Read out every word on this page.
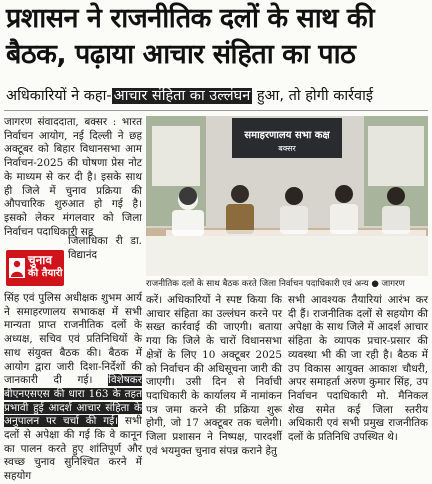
प्रशासन ने राजनीतिक दलों के साथ की
बैठक, पढ़ाया आचार संहिता का पाठ
अधिकारियों ने कहा- आचार संहिता का उल्लंघन हुआ, तो होगी कार्रवाई
जागरण संवाददाता, बक्सर : भारत निर्वाचन आयोग, नई दिल्ली ने छह अक्टूबर को बिहार विधानसभा आम निर्वाचन-2025 की घोषणा प्रेस नोट के माध्यम से कर दी है। इसके साथ ही जिले में चुनाव प्रक्रिया की औपचारिक शुरुआत हो गई है। इसको लेकर मंगलवार को जिला निर्वाचन पदाधिकारी सह
चुनाव
की तैयारी
जिलाधिका री डा. विद्यानंद
सिंह एवं पुलिस अधीक्षक शुभम आर्य ने समाहरणालय सभाकक्ष में सभी मान्यता प्राप्त राजनीतिक दलों के अध्यक्ष, सचिव एवं प्रतिनिधियों के साथ संयुक्त बैठक की। बैठक में आयोग द्वारा जारी दिशा-निर्देशों की जानकारी दी गई। विशेषकर बीएनएसएस की धारा 163 के तहत प्रभावी हुई आदर्श आचार संहिता के अनुपालन पर चर्चा की गई। सभी दलों से अपेक्षा की गई कि वे कानून का पालन करते हुए शांतिपूर्ण और स्वच्छ चुनाव सुनिश्चित करने में सहयोग
समाहरणालय सभा कक्ष
बक्सर
राजनीतिक दलों के साथ बैठक करते जिला निर्वाचन पदाधिकारी एवं अन्य ● जागरण
करें। अधिकारियों ने स्पष्ट किया कि आचार संहिता का उल्लंघन करने पर सख्त कार्रवाई की जाएगी। बताया गया कि जिले के चारों विधानसभा क्षेत्रों के लिए 10 अक्टूबर 2025 को निर्वाचन की अधिसूचना जारी की जाएगी। उसी दिन से निर्वाची पदाधिकारी के कार्यालय में नामांकन पत्र जमा करने की प्रक्रिया शुरू होगी, जो 17 अक्टूबर तक चलेगी। जिला प्रशासन ने निष्पक्ष, पारदर्शी एवं भयमुक्त चुनाव संपन्न कराने हेतु
सभी आवश्यक तैयारियां आरंभ कर दी हैं। राजनीतिक दलों से सहयोग की अपेक्षा के साथ जिले में आदर्श आचार संहिता के व्यापक प्रचार-प्रसार की व्यवस्था भी की जा रही है। बैठक में उप विकास आयुक्त आकाश चौधरी, अपर समाहर्ता अरुण कुमार सिंह, उप निर्वाचन पदाधिकारी मो. मैनिकल शेख समेत कई जिला स्तरीय अधिकारी एवं सभी प्रमुख राजनीतिक दलों के प्रतिनिधि उपस्थित थे।
